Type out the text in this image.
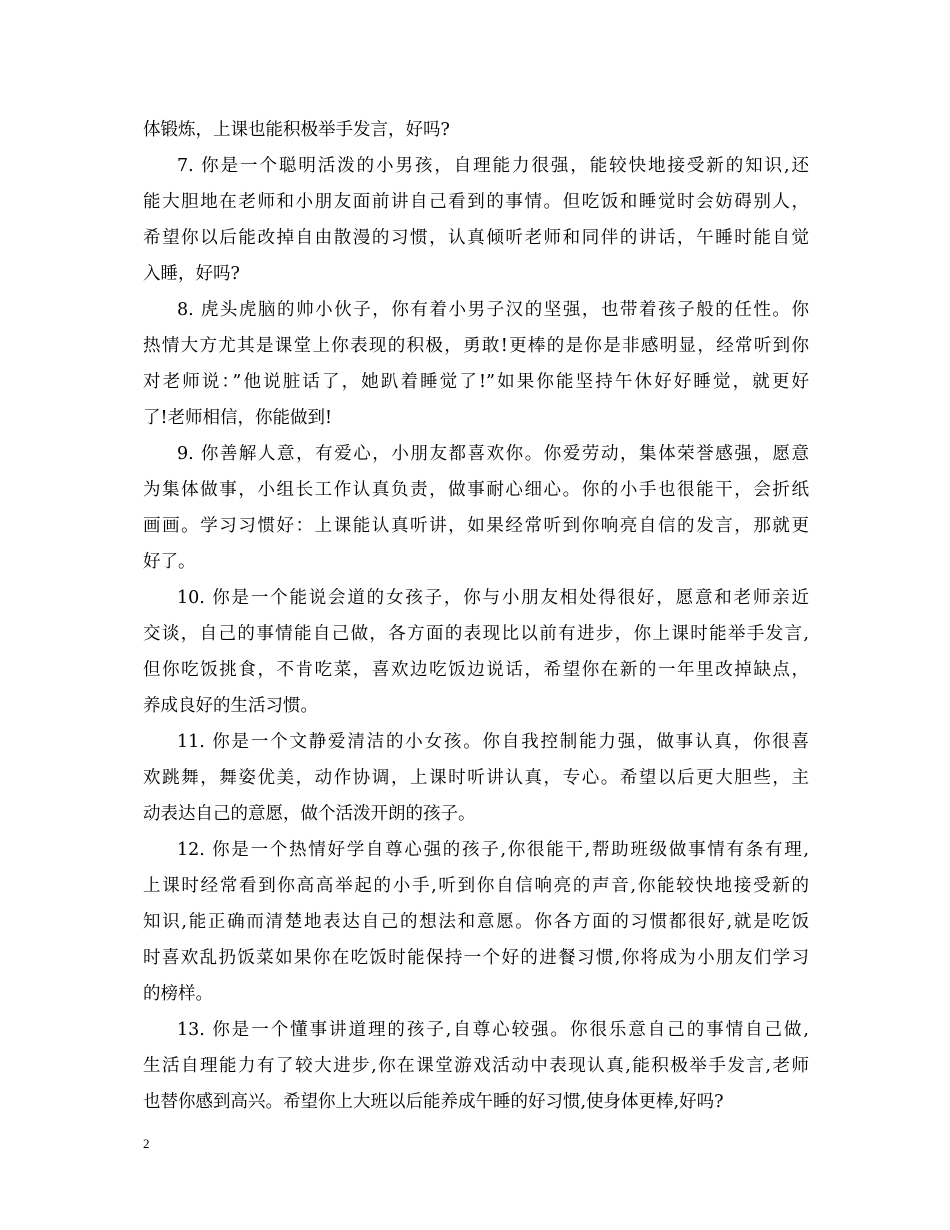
体锻炼，上课也能积极举手发言，好吗?
7. 你是一个聪明活泼的小男孩，自理能力很强，能较快地接受新的知识,还
能大胆地在老师和小朋友面前讲自己看到的事情。但吃饭和睡觉时会妨碍别人，
希望你以后能改掉自由散漫的习惯，认真倾听老师和同伴的讲话，午睡时能自觉
入睡，好吗?
8. 虎头虎脑的帅小伙子，你有着小男子汉的坚强，也带着孩子般的任性。你
热情大方尤其是课堂上你表现的积极，勇敢!更棒的是你是非感明显，经常听到你
对老师说：”他说脏话了，她趴着睡觉了!”如果你能坚持午休好好睡觉，就更好
了!老师相信，你能做到!
9. 你善解人意，有爱心，小朋友都喜欢你。你爱劳动，集体荣誉感强，愿意
为集体做事，小组长工作认真负责，做事耐心细心。你的小手也很能干，会折纸
画画。学习习惯好：上课能认真听讲，如果经常听到你响亮自信的发言，那就更
好了。
10. 你是一个能说会道的女孩子，你与小朋友相处得很好，愿意和老师亲近
交谈，自己的事情能自己做，各方面的表现比以前有进步，你上课时能举手发言,
但你吃饭挑食，不肯吃菜，喜欢边吃饭边说话，希望你在新的一年里改掉缺点，
养成良好的生活习惯。
11. 你是一个文静爱清洁的小女孩。你自我控制能力强，做事认真，你很喜
欢跳舞，舞姿优美，动作协调，上课时听讲认真，专心。希望以后更大胆些，主
动表达自己的意愿，做个活泼开朗的孩子。
12. 你是一个热情好学自尊心强的孩子,你很能干,帮助班级做事情有条有理,
上课时经常看到你高高举起的小手,听到你自信响亮的声音,你能较快地接受新的
知识,能正确而清楚地表达自己的想法和意愿。你各方面的习惯都很好,就是吃饭
时喜欢乱扔饭菜如果你在吃饭时能保持一个好的进餐习惯,你将成为小朋友们学习
的榜样。
13. 你是一个懂事讲道理的孩子,自尊心较强。你很乐意自己的事情自己做,
生活自理能力有了较大进步,你在课堂游戏活动中表现认真,能积极举手发言,老师
也替你感到高兴。希望你上大班以后能养成午睡的好习惯,使身体更棒,好吗?
2
